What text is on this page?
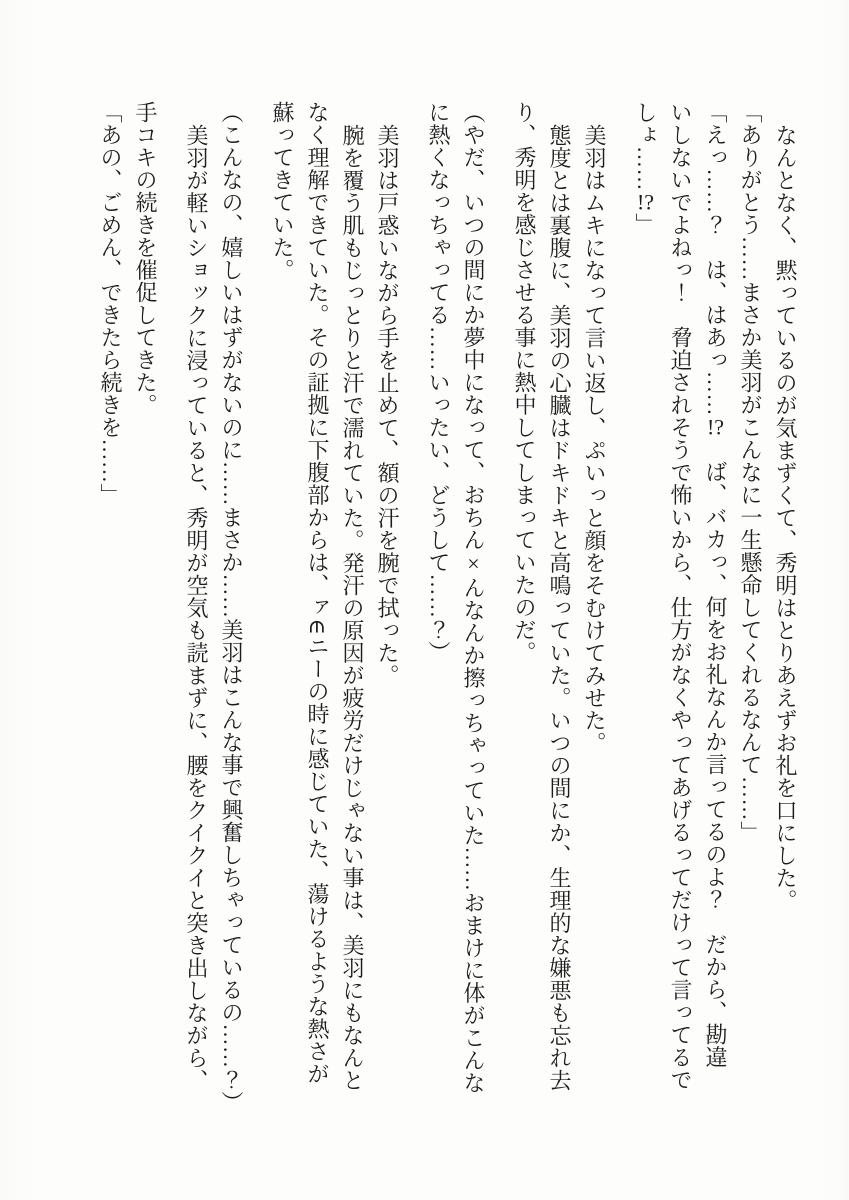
なんとなく、黙っているのが気まずくて、秀明はとりあえずお礼を口にした。

「ありがとう……まさか美羽がこんなに一生懸命してくれるなんて……」

「えっ……？　は、はあっ……!?　ば、バカっ、何をお礼なんか言ってるのよ？　だから、勘違

いしないでよねっ！　脅迫されそうで怖いから、仕方がなくやってあげるってだけって言ってるで

しょ……!?」

美羽はムキになって言い返し、ぷいっと顔をそむけてみせた。

態度とは裏腹に、美羽の心臓はドキドキと高鳴っていた。いつの間にか、生理的な嫌悪も忘れ去

り、秀明を感じさせる事に熱中してしまっていたのだ。

（やだ、いつの間にか夢中になって、おちん×んなんか擦っちゃっていた……おまけに体がこんな

に熱くなっちゃってる……いったい、どうして……？）

美羽は戸惑いながら手を止めて、額の汗を腕で拭った。

腕を覆う肌もじっとりと汗で濡れていた。発汗の原因が疲労だけじゃない事は、美羽にもなんと

なく理解できていた。その証拠に下腹部からは、ァ∈ニーの時に感じていた、蕩けるような熱さが

蘇ってきていた。

（こんなの、嬉しいはずがないのに……まさか……美羽はこんな事で興奮しちゃっているの……？）

美羽が軽いショックに浸っていると、秀明が空気も読まずに、腰をクイクイと突き出しながら、

手コキの続きを催促してきた。

「あの、ごめん、できたら続きを……」
